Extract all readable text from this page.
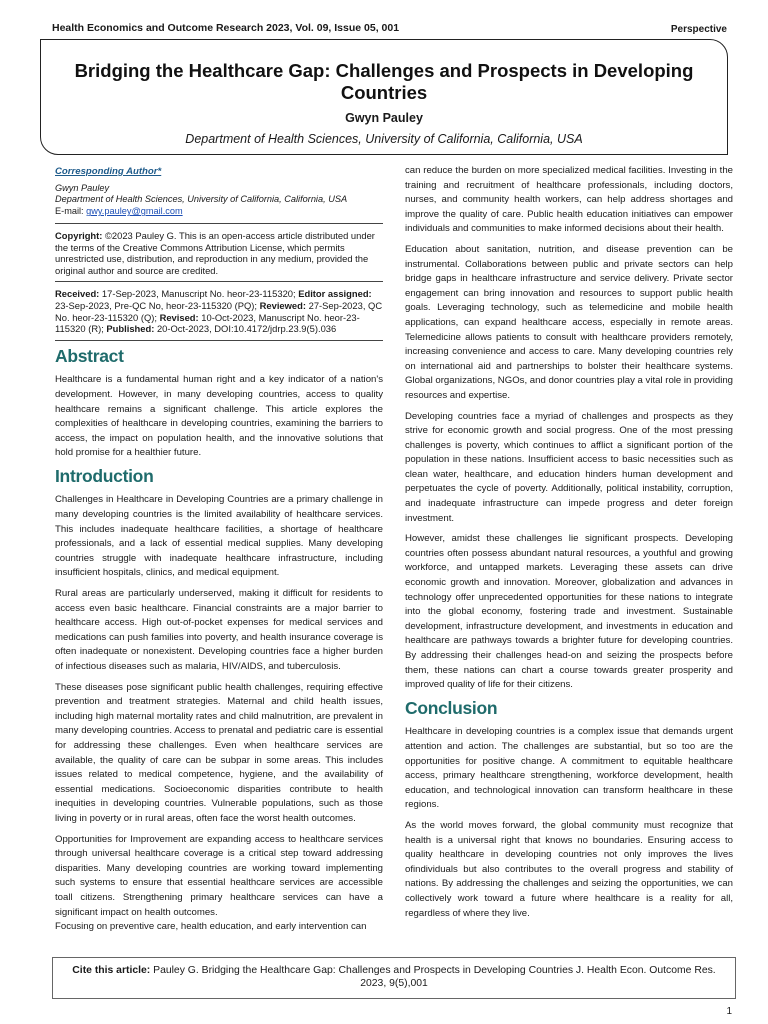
Health Economics and Outcome Research 2023, Vol. 09, Issue 05, 001	Perspective
Bridging the Healthcare Gap: Challenges and Prospects in Developing Countries
Gwyn Pauley
Department of Health Sciences, University of California, California, USA
Corresponding Author*
Gwyn Pauley
Department of Health Sciences, University of California, California, USA
E-mail: gwy.pauley@gmail.com
Copyright: ©2023 Pauley G. This is an open-access article distributed under the terms of the Creative Commons Attribution License, which permits unrestricted use, distribution, and reproduction in any medium, provided the original author and source are credited.
Received: 17-Sep-2023, Manuscript No. heor-23-115320; Editor assigned: 23-Sep-2023, Pre-QC No, heor-23-115320 (PQ); Reviewed: 27-Sep-2023, QC No. heor-23-115320 (Q); Revised: 10-Oct-2023, Manuscript No. heor-23-115320 (R); Published: 20-Oct-2023, DOI:10.4172/jdrp.23.9(5).036
Abstract

Healthcare is a fundamental human right and a key indicator of a nation's development. However, in many developing countries, access to quality healthcare remains a significant challenge. This article explores the complexities of healthcare in developing countries, examining the barriers to access, the impact on population health, and the innovative solutions that hold promise for a healthier future.

Introduction

Challenges in Healthcare in Developing Countries are a primary challenge in many developing countries is the limited availability of healthcare services. This includes inadequate healthcare facilities, a shortage of healthcare professionals, and a lack of essential medical supplies. Many developing countries struggle with inadequate healthcare infrastructure, including insufficient hospitals, clinics, and medical equipment.

Rural areas are particularly underserved, making it difficult for residents to access even basic healthcare. Financial constraints are a major barrier to healthcare access. High out-of-pocket expenses for medical services and medications can push families into poverty, and health insurance coverage is often inadequate or nonexistent. Developing countries face a higher burden of infectious diseases such as malaria, HIV/AIDS, and tuberculosis.

These diseases pose significant public health challenges, requiring effective prevention and treatment strategies. Maternal and child health issues, including high maternal mortality rates and child malnutrition, are prevalent in many developing countries. Access to prenatal and pediatric care is essential for addressing these challenges. Even when healthcare services are available, the quality of care can be subpar in some areas. This includes issues related to medical competence, hygiene, and the availability of essential medications. Socioeconomic disparities contribute to health inequities in developing countries. Vulnerable populations, such as those living in poverty or in rural areas, often face the worst health outcomes.

Opportunities for Improvement are expanding access to healthcare services through universal healthcare coverage is a critical step toward addressing disparities. Many developing countries are working toward implementing such systems to ensure that essential healthcare services are accessible toall citizens. Strengthening primary healthcare services can have a significant impact on health outcomes.

Focusing on preventive care, health education, and early intervention can

can reduce the burden on more specialized medical facilities. Investing in the training and recruitment of healthcare professionals, including doctors, nurses, and community health workers, can help address shortages and improve the quality of care. Public health education initiatives can empower individuals and communities to make informed decisions about their health.

Education about sanitation, nutrition, and disease prevention can be instrumental. Collaborations between public and private sectors can help bridge gaps in healthcare infrastructure and service delivery. Private sector engagement can bring innovation and resources to support public health goals. Leveraging technology, such as telemedicine and mobile health applications, can expand healthcare access, especially in remote areas. Telemedicine allows patients to consult with healthcare providers remotely, increasing convenience and access to care. Many developing countries rely on international aid and partnerships to bolster their healthcare systems. Global organizations, NGOs, and donor countries play a vital role in providing resources and expertise.

Developing countries face a myriad of challenges and prospects as they strive for economic growth and social progress. One of the most pressing challenges is poverty, which continues to afflict a significant portion of the population in these nations. Insufficient access to basic necessities such as clean water, healthcare, and education hinders human development and perpetuates the cycle of poverty. Additionally, political instability, corruption, and inadequate infrastructure can impede progress and deter foreign investment.

However, amidst these challenges lie significant prospects. Developing countries often possess abundant natural resources, a youthful and growing workforce, and untapped markets. Leveraging these assets can drive economic growth and innovation. Moreover, globalization and advances in technology offer unprecedented opportunities for these nations to integrate into the global economy, fostering trade and investment. Sustainable development, infrastructure development, and investments in education and healthcare are pathways towards a brighter future for developing countries. By addressing their challenges head-on and seizing the prospects before them, these nations can chart a course towards greater prosperity and improved quality of life for their citizens.

Conclusion

Healthcare in developing countries is a complex issue that demands urgent attention and action. The challenges are substantial, but so too are the opportunities for positive change. A commitment to equitable healthcare access, primary healthcare strengthening, workforce development, health education, and technological innovation can transform healthcare in these regions.

As the world moves forward, the global community must recognize that health is a universal right that knows no boundaries. Ensuring access to quality healthcare in developing countries not only improves the lives ofindividuals but also contributes to the overall progress and stability of nations. By addressing the challenges and seizing the opportunities, we can collectively work toward a future where healthcare is a reality for all, regardless of where they live.

Cite this article: Pauley G. Bridging the Healthcare Gap: Challenges and Prospects in Developing Countries J. Health Econ. Outcome Res. 2023, 9(5),001
1
